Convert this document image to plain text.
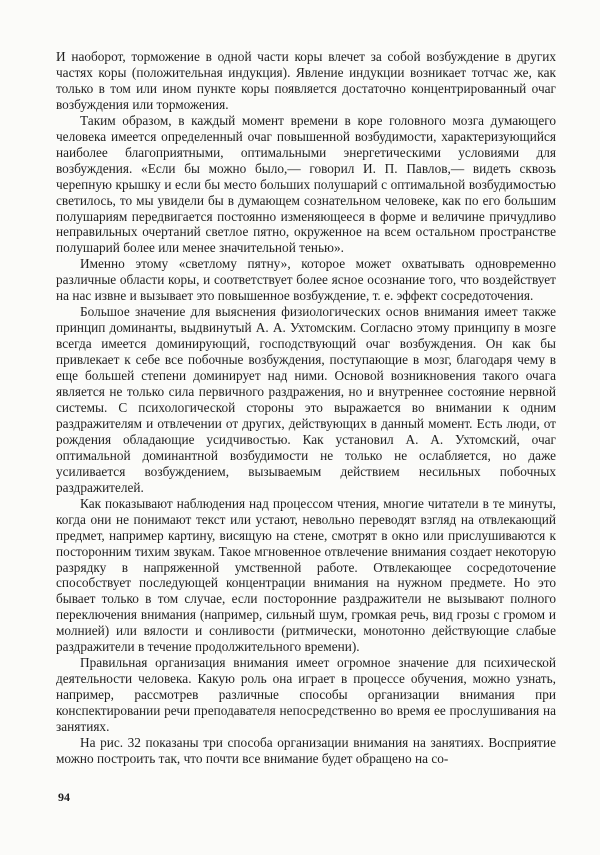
И наоборот, торможение в одной части коры влечет за собой возбуждение в других частях коры (положительная индукция). Явление индукции возникает тотчас же, как только в том или ином пункте коры появляется достаточно концентрированный очаг возбуждения или торможения.

Таким образом, в каждый момент времени в коре головного мозга думающего человека имеется определенный очаг повышенной возбудимости, характеризующийся наиболее благоприятными, оптимальными энергетическими условиями для возбуждения. «Если бы можно было,— говорил И. П. Павлов,— видеть сквозь черепную крышку и если бы место больших полушарий с оптимальной возбудимостью светилось, то мы увидели бы в думающем сознательном человеке, как по его большим полушариям передвигается постоянно изменяющееся в форме и величине причудливо неправильных очертаний светлое пятно, окруженное на всем остальном пространстве полушарий более или менее значительной тенью».

Именно этому «светлому пятну», которое может охватывать одновременно различные области коры, и соответствует более ясное осознание того, что воздействует на нас извне и вызывает это повышенное возбуждение, т. е. эффект сосредоточения.

Большое значение для выяснения физиологических основ внимания имеет также принцип доминанты, выдвинутый А. А. Ухтомским. Согласно этому принципу в мозге всегда имеется доминирующий, господствующий очаг возбуждения. Он как бы привлекает к себе все побочные возбуждения, поступающие в мозг, благодаря чему в еще большей степени доминирует над ними. Основой возникновения такого очага является не только сила первичного раздражения, но и внутреннее состояние нервной системы. С психологической стороны это выражается во внимании к одним раздражителям и отвлечении от других, действующих в данный момент. Есть люди, от рождения обладающие усидчивостью. Как установил А. А. Ухтомский, очаг оптимальной доминантной возбудимости не только не ослабляется, но даже усиливается возбуждением, вызываемым действием несильных побочных раздражителей.

Как показывают наблюдения над процессом чтения, многие читатели в те минуты, когда они не понимают текст или устают, невольно переводят взгляд на отвлекающий предмет, например картину, висящую на стене, смотрят в окно или прислушиваются к посторонним тихим звукам. Такое мгновенное отвлечение внимания создает некоторую разрядку в напряженной умственной работе. Отвлекающее сосредоточение способствует последующей концентрации внимания на нужном предмете. Но это бывает только в том случае, если посторонние раздражители не вызывают полного переключения внимания (например, сильный шум, громкая речь, вид грозы с громом и молнией) или вялости и сонливости (ритмически, монотонно действующие слабые раздражители в течение продолжительного времени).

Правильная организация внимания имеет огромное значение для психической деятельности человека. Какую роль она играет в процессе обучения, можно узнать, например, рассмотрев различные способы организации внимания при конспектировании речи преподавателя непосредственно во время ее прослушивания на занятиях.

На рис. 32 показаны три способа организации внимания на занятиях. Восприятие можно построить так, что почти все внимание будет обращено на со-

94
